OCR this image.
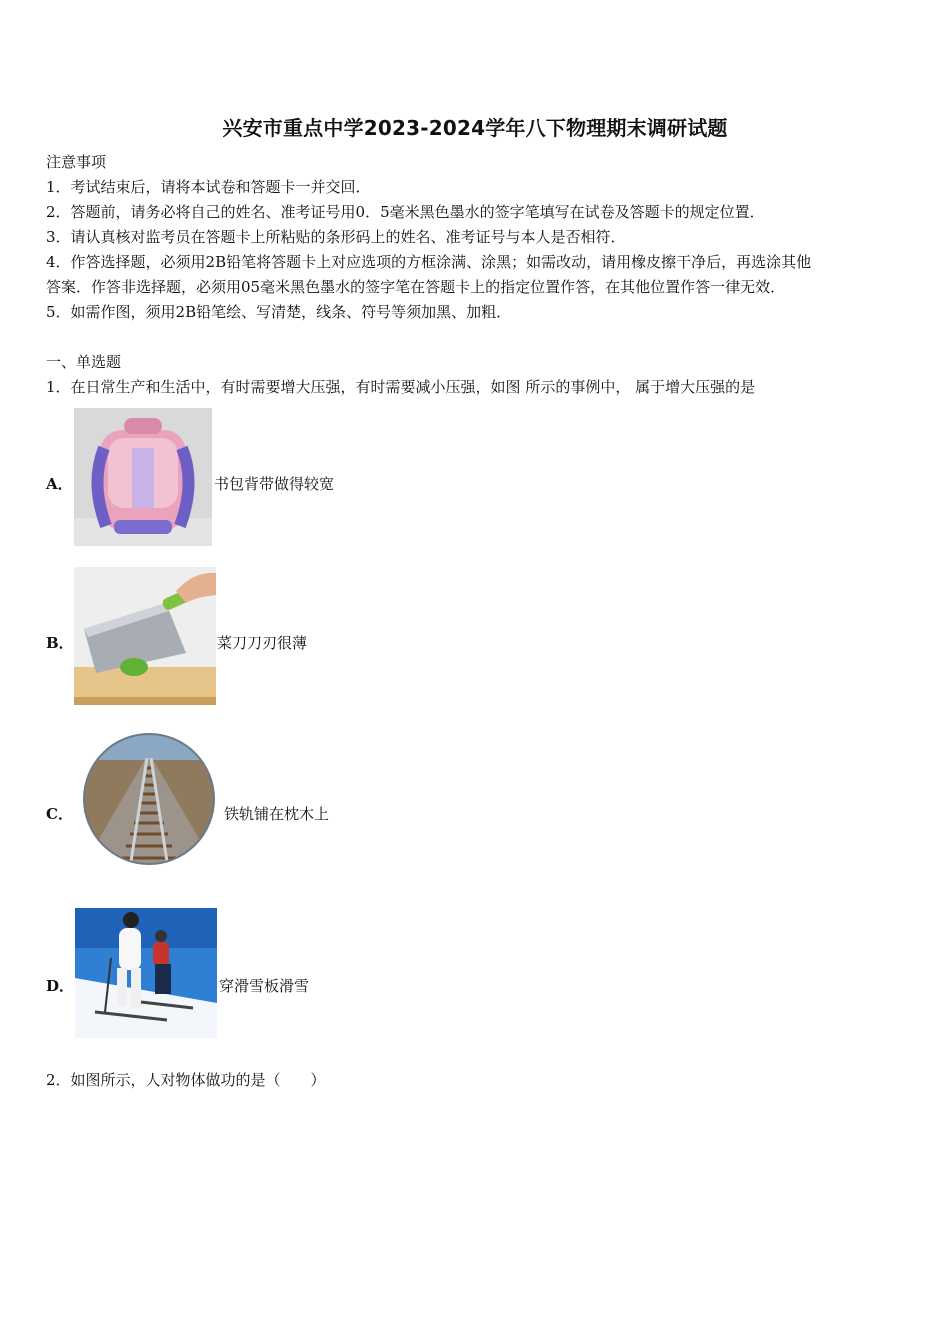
兴安市重点中学2023-2024学年八下物理期末调研试题
注意事项
1．考试结束后，请将本试卷和答题卡一并交回．
2．答题前，请务必将自己的姓名、准考证号用0．5毫米黑色墨水的签字笔填写在试卷及答题卡的规定位置．
3．请认真核对监考员在答题卡上所粘贴的条形码上的姓名、准考证号与本人是否相符．
4．作答选择题，必须用2B铅笔将答题卡上对应选项的方框涂满、涂黑；如需改动，请用橡皮擦干净后，再选涂其他
答案．作答非选择题，必须用05毫米黑色墨水的签字笔在答题卡上的指定位置作答，在其他位置作答一律无效．
5．如需作图，须用2B铅笔绘、写清楚，线条、符号等须加黑、加粗．
一、单选题
1．在日常生产和生活中，有时需要增大压强，有时需要减小压强，如图 所示的事例中， 属于增大压强的是
A．	书包背带做得较宽
B．	菜刀刀刃很薄
C．	铁轨铺在枕木上
D．	穿滑雪板滑雪
2．如图所示，人对物体做功的是（　　）
